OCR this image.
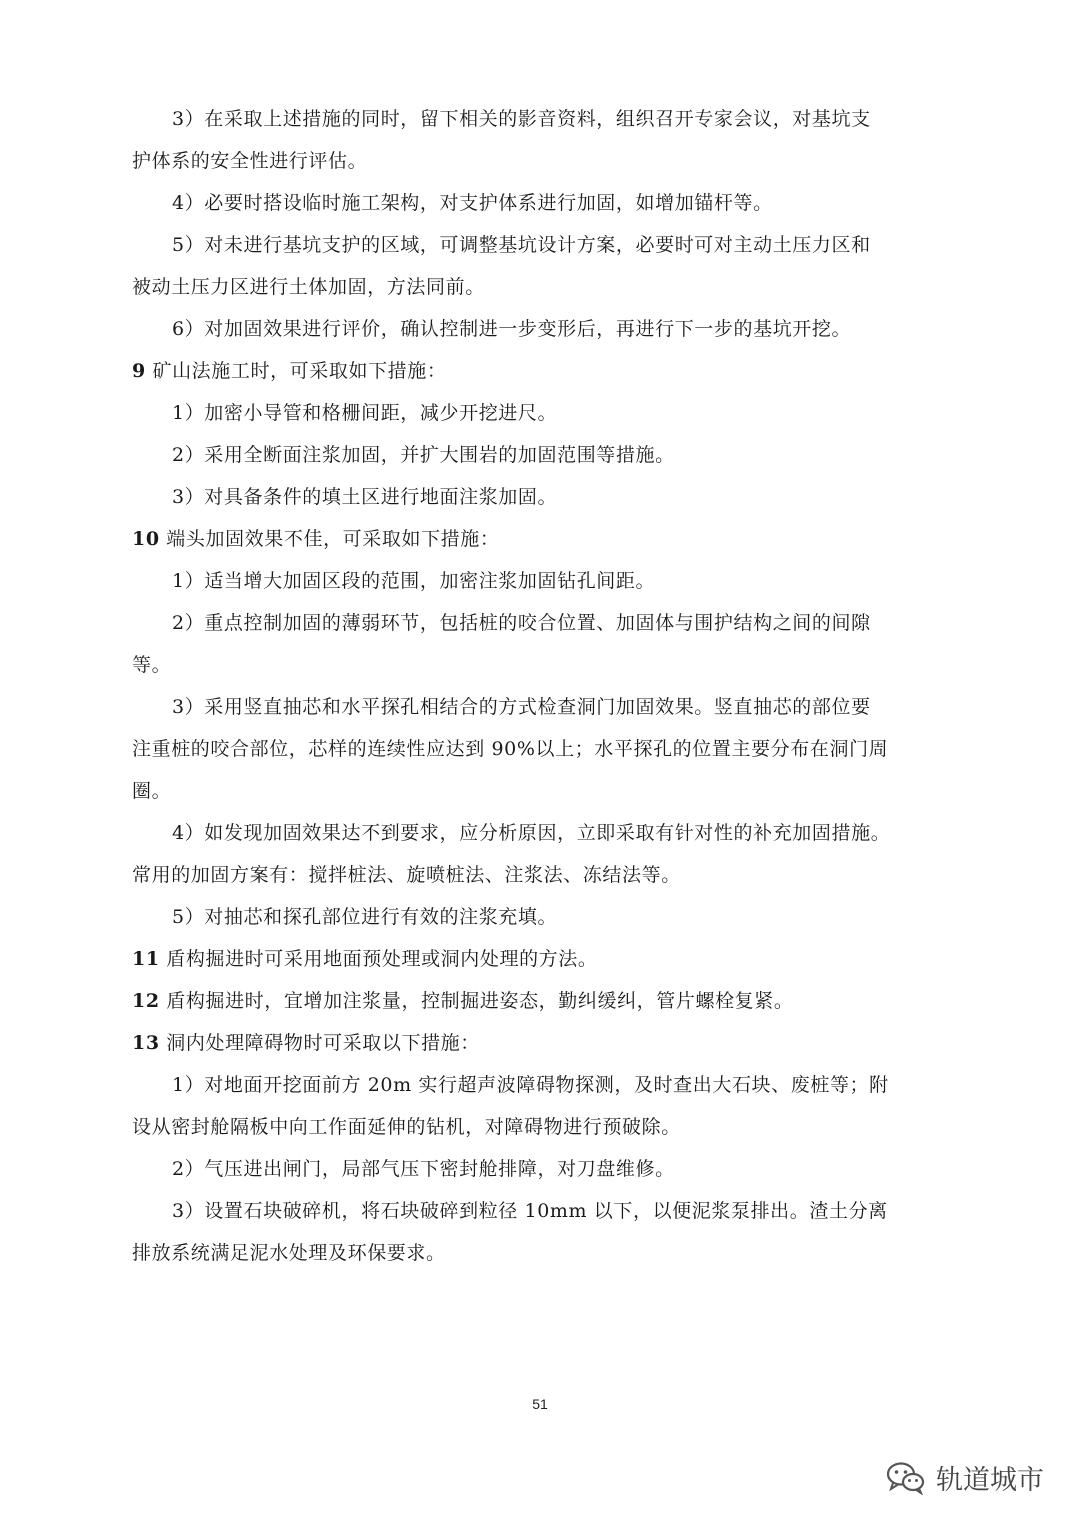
3）在采取上述措施的同时，留下相关的影音资料，组织召开专家会议，对基坑支
护体系的安全性进行评估。
4）必要时搭设临时施工架构，对支护体系进行加固，如增加锚杆等。
5）对未进行基坑支护的区域，可调整基坑设计方案，必要时可对主动土压力区和
被动土压力区进行土体加固，方法同前。
6）对加固效果进行评价，确认控制进一步变形后，再进行下一步的基坑开挖。
9 矿山法施工时，可采取如下措施：
1）加密小导管和格栅间距，减少开挖进尺。
2）采用全断面注浆加固，并扩大围岩的加固范围等措施。
3）对具备条件的填土区进行地面注浆加固。
10 端头加固效果不佳，可采取如下措施：
1）适当增大加固区段的范围，加密注浆加固钻孔间距。
2）重点控制加固的薄弱环节，包括桩的咬合位置、加固体与围护结构之间的间隙
等。
3）采用竖直抽芯和水平探孔相结合的方式检查洞门加固效果。竖直抽芯的部位要
注重桩的咬合部位，芯样的连续性应达到 90%以上；水平探孔的位置主要分布在洞门周
圈。
4）如发现加固效果达不到要求，应分析原因，立即采取有针对性的补充加固措施。
常用的加固方案有：搅拌桩法、旋喷桩法、注浆法、冻结法等。
5）对抽芯和探孔部位进行有效的注浆充填。
11 盾构掘进时可采用地面预处理或洞内处理的方法。
12 盾构掘进时，宜增加注浆量，控制掘进姿态，勤纠缓纠，管片螺栓复紧。
13 洞内处理障碍物时可采取以下措施：
1）对地面开挖面前方 20m 实行超声波障碍物探测，及时查出大石块、废桩等；附
设从密封舱隔板中向工作面延伸的钻机，对障碍物进行预破除。
2）气压进出闸门，局部气压下密封舱排障，对刀盘维修。
3）设置石块破碎机，将石块破碎到粒径 10mm 以下，以便泥浆泵排出。渣土分离
排放系统满足泥水处理及环保要求。
51
轨道城市
